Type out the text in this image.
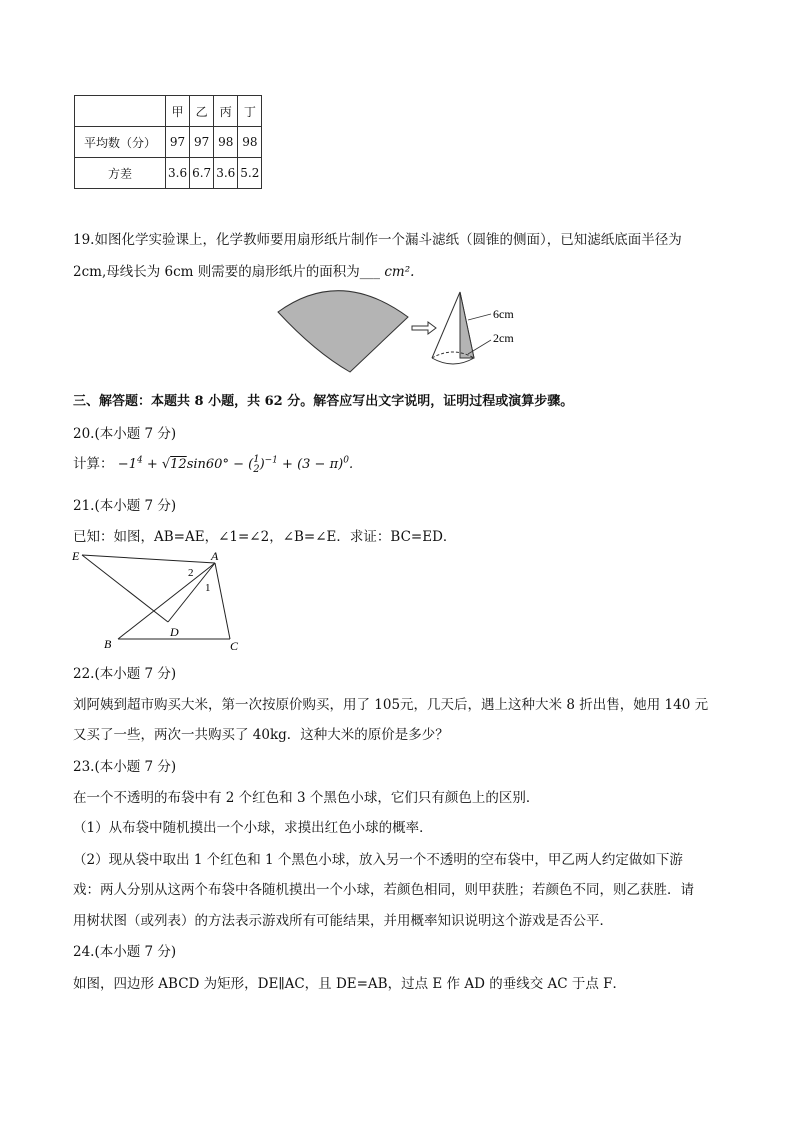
	甲	乙	丙	丁
平均数（分）	97	97	98	98
方差	3.6	6.7	3.6	5.2
19.如图化学实验课上，化学教师要用扇形纸片制作一个漏斗滤纸（圆锥的侧面），已知滤纸底面半径为
2cm,母线长为 6cm 则需要的扇形纸片的面积为___ cm².
6cm
2cm
三、解答题：本题共 8 小题，共 62 分。解答应写出文字说明，证明过程或演算步骤。
20.(本小题 7 分)
计算： $-1^4 + √12\sin 60^\circ - (1$
$2)^{-1} + (3 - \pi)^0$.
21.(本小题 7 分)
已知：如图，AB=AE，∠1=∠2，∠B=∠E．求证：BC=ED．
E	A
2
1
D
B	C
22.(本小题 7 分)
刘阿姨到超市购买大米，第一次按原价购买，用了 105元，几天后，遇上这种大米 8 折出售，她用 140 元
又买了一些，两次一共购买了 40kg．这种大米的原价是多少？
23.(本小题 7 分)
在一个不透明的布袋中有 2 个红色和 3 个黑色小球，它们只有颜色上的区别．
（1）从布袋中随机摸出一个小球，求摸出红色小球的概率．
（2）现从袋中取出 1 个红色和 1 个黑色小球，放入另一个不透明的空布袋中，甲乙两人约定做如下游
戏：两人分别从这两个布袋中各随机摸出一个小球，若颜色相同，则甲获胜；若颜色不同，则乙获胜．请
用树状图（或列表）的方法表示游戏所有可能结果，并用概率知识说明这个游戏是否公平．
24.(本小题 7 分)
如图，四边形 ABCD 为矩形，DE∥AC，且 DE=AB，过点 E 作 AD 的垂线交 AC 于点 F．
